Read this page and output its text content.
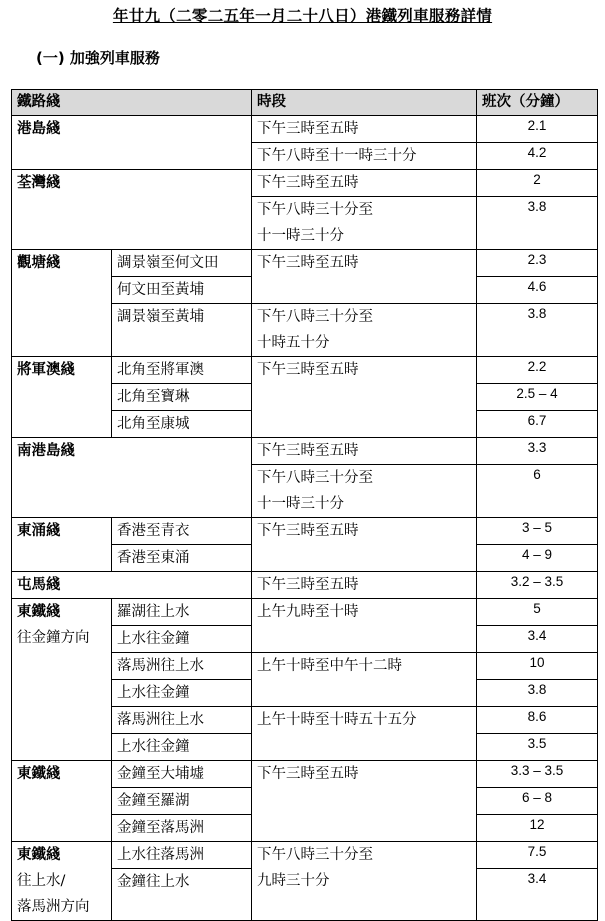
年廿九（二零二五年一月二十八日）港鐵列車服務詳情
(一) 加強列車服務
鐵路綫		時段	班次（分鐘）
港島綫		下午三時至五時	2.1
		下午八時至十一時三十分	4.2
荃灣綫		下午三時至五時	2
		下午八時三十分至
十一時三十分	3.8
觀塘綫	調景嶺至何文田	下午三時至五時	2.3
	何文田至黃埔		4.6
	調景嶺至黃埔	下午八時三十分至
十時五十分	3.8
將軍澳綫	北角至將軍澳	下午三時至五時	2.2
	北角至寶琳		2.5 – 4
	北角至康城		6.7
南港島綫		下午三時至五時	3.3
		下午八時三十分至
十一時三十分	6
東涌綫	香港至青衣	下午三時至五時	3 – 5
	香港至東涌		4 – 9
屯馬綫		下午三時至五時	3.2 – 3.5
東鐵綫
往金鐘方向	羅湖往上水	上午九時至十時	5
	上水往金鐘		3.4
	落馬洲往上水	上午十時至中午十二時	10
	上水往金鐘		3.8
	落馬洲往上水	上午十時至十時五十五分	8.6
	上水往金鐘		3.5
東鐵綫	金鐘至大埔墟	下午三時至五時	3.3 – 3.5
	金鐘至羅湖		6 – 8
	金鐘至落馬洲		12
東鐵綫
往上水/
落馬洲方向	上水往落馬洲	下午八時三十分至
九時三十分	7.5
	金鐘往上水		3.4
